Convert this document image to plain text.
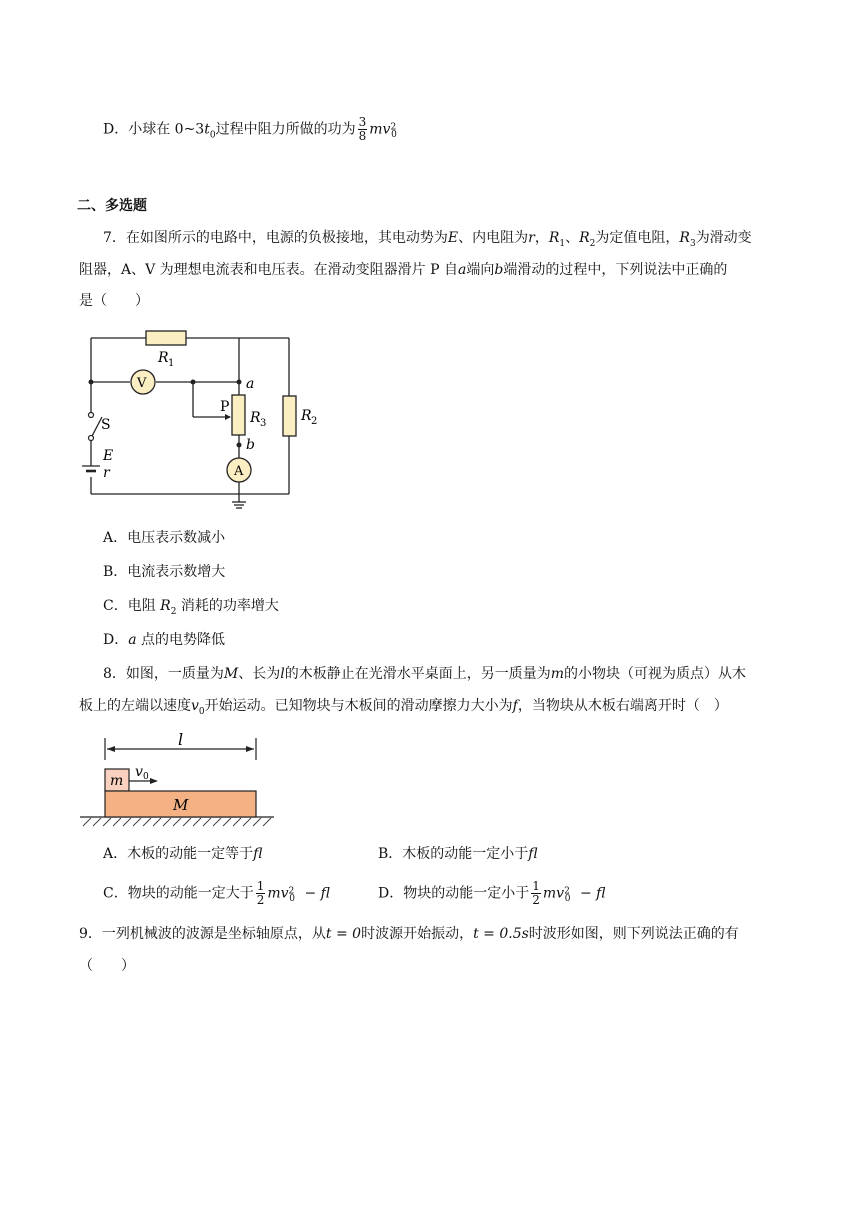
D．小球在 $0\sim 3t_0$过程中阻力所做的功为 $\frac{3}{8} mv^2_0$
二、多选题
7．在如图所示的电路中，电源的负极接地，其电动势为E、内电阻为r，$R_1$、$R_2$为定值电阻，$R_3$为滑动变
阻器，A、V 为理想电流表和电压表。在滑动变阻器滑片 P 自a端向b端滑动的过程中，下列说法中正确的
是（　　）
R 1
R 2
R 3
V
A
P
a
b
S
E
r
A．电压表示数减小
B．电流表示数增大
C．电阻 $R_2$ 消耗的功率增大
D．a 点的电势降低
8．如图，一质量为M、长为l的木板静止在光滑水平桌面上，另一质量为m的小物块（可视为质点）从木
板上的左端以速度$v_0$开始运动。已知物块与木板间的滑动摩擦力大小为f，当物块从木板右端离开时（　）
l
m
v 0
M
A．木板的动能一定等于fl	B．木板的动能一定小于fl
C．物块的动能一定大于 $\frac{1}{2} mv^2_0$ − fl	D．物块的动能一定小于 $\frac{1}{2} mv^2_0$ − fl
9．一列机械波的波源是坐标轴原点，从t = 0时波源开始振动，t = 0.5s时波形如图，则下列说法正确的有
（　　）
